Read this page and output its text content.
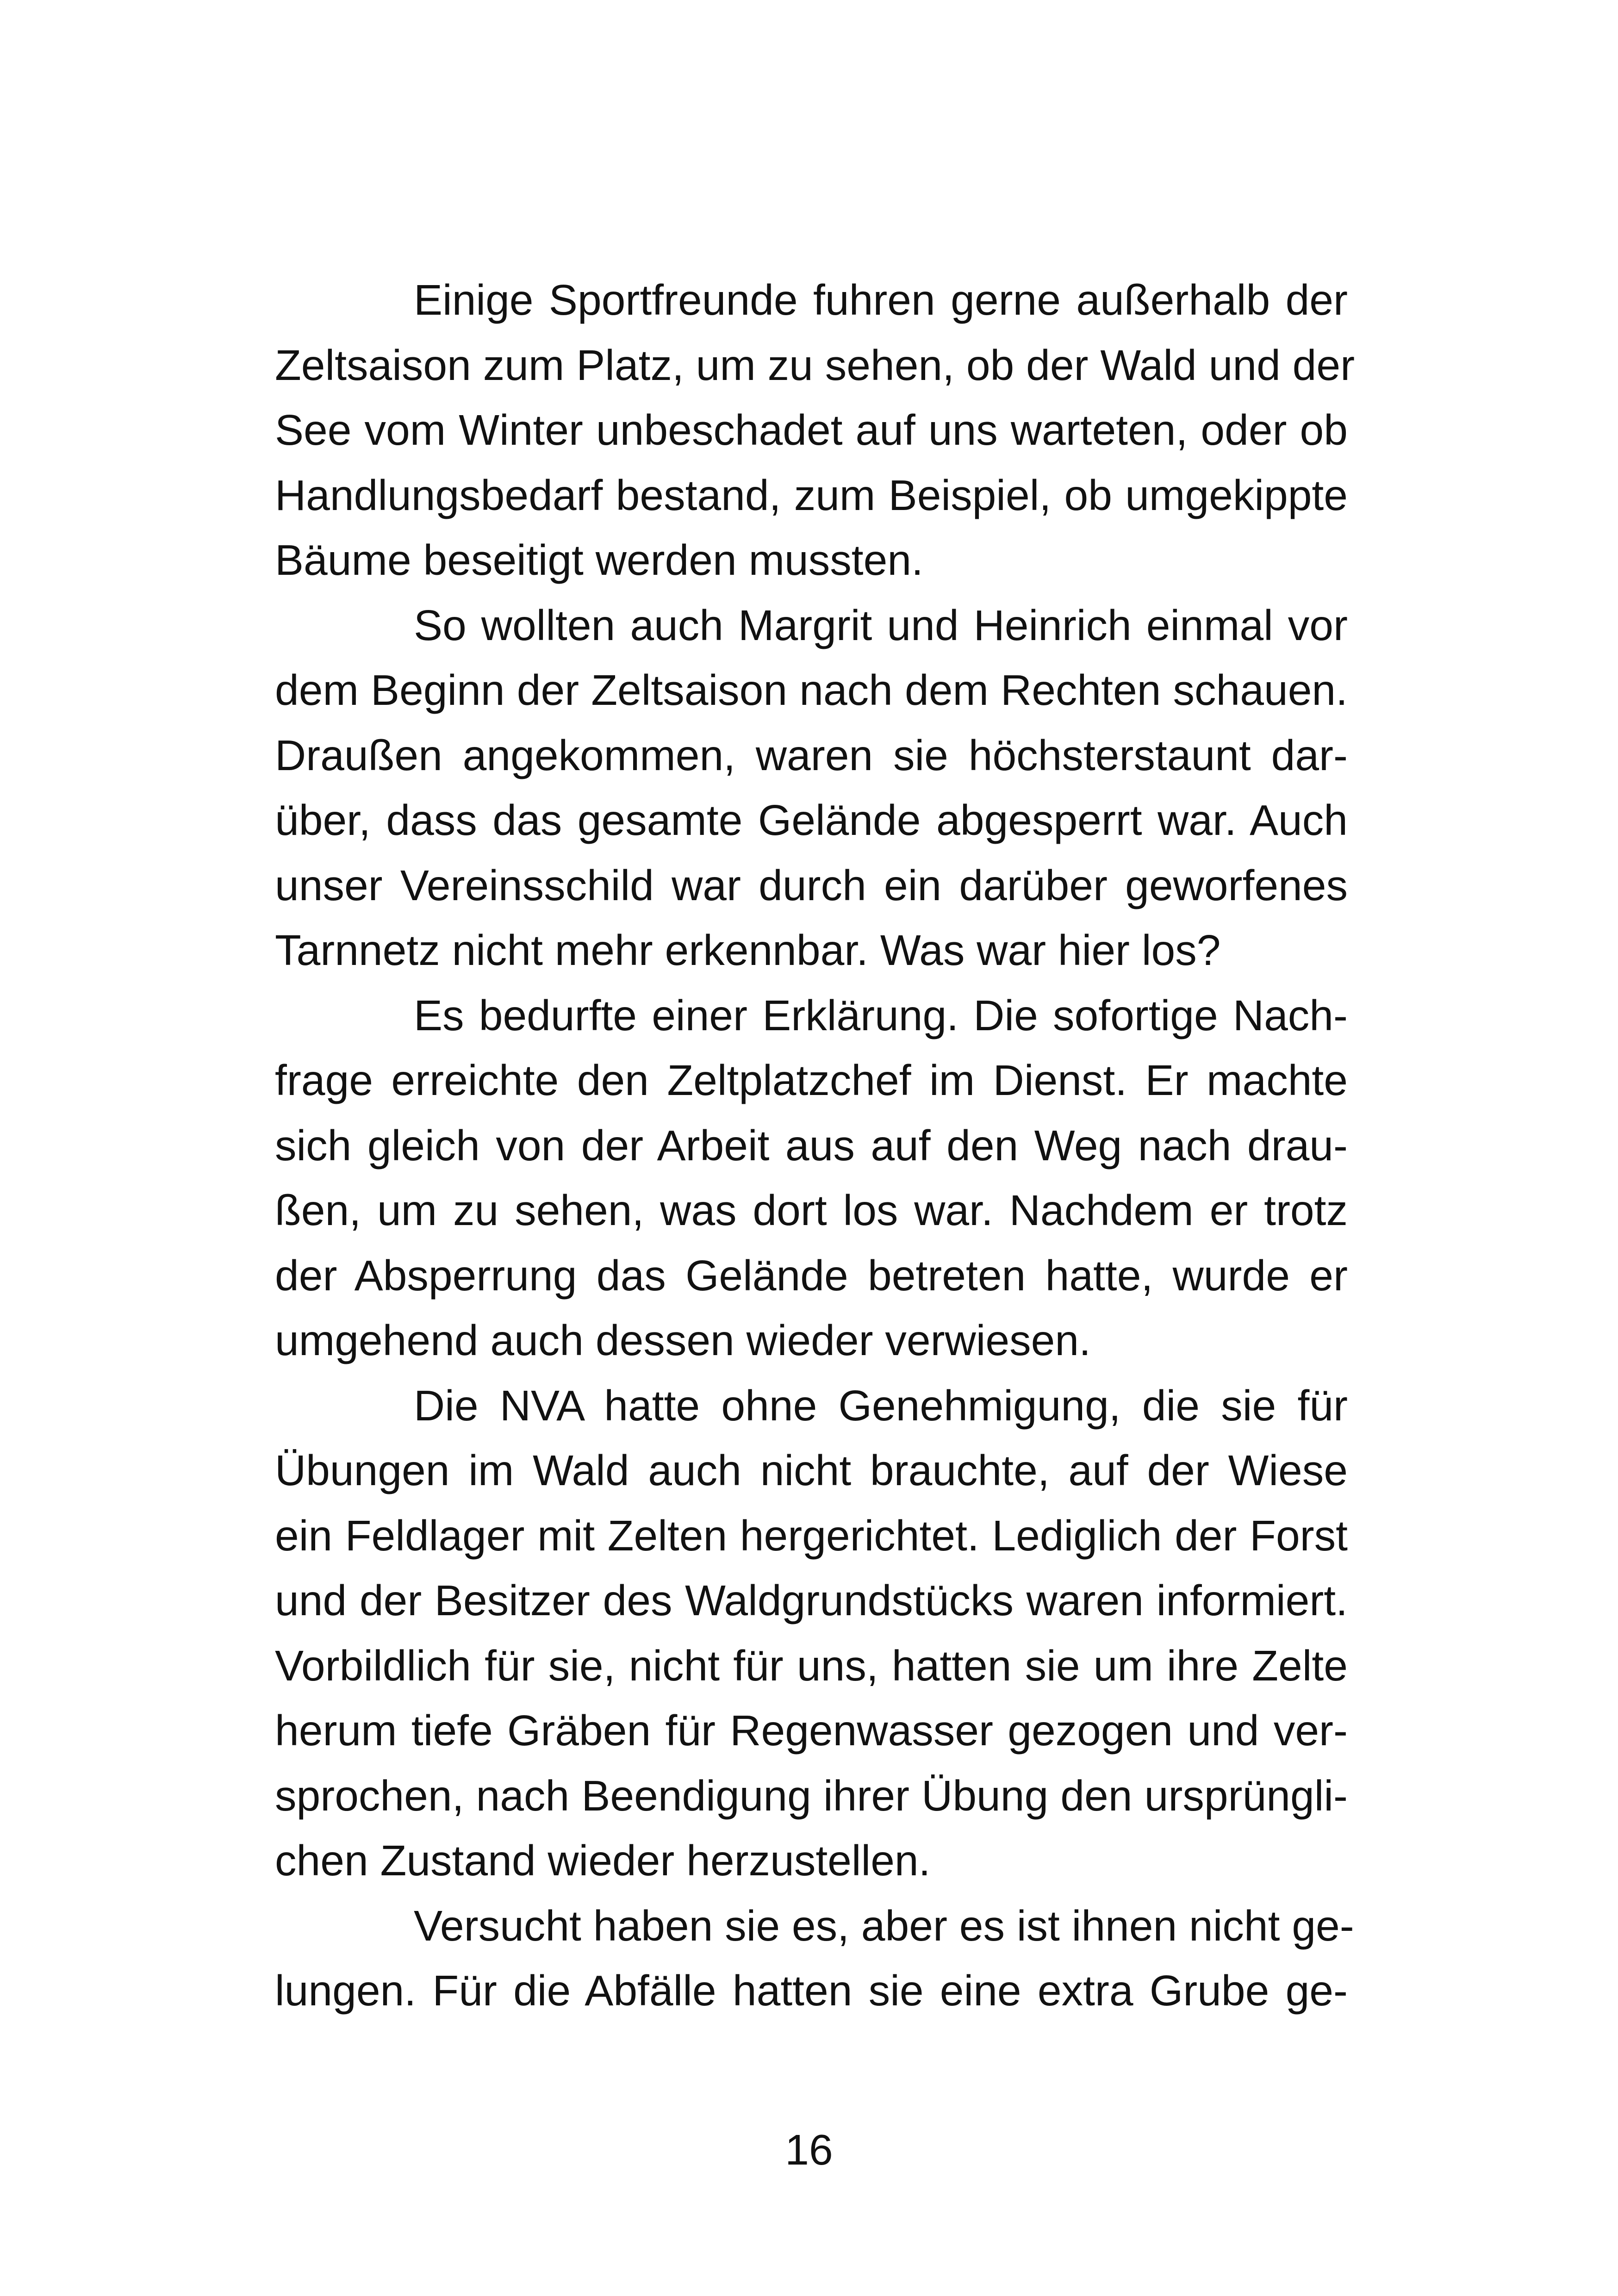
Einige Sportfreunde fuhren gerne außerhalb der
Zeltsaison zum Platz, um zu sehen, ob der Wald und der
See vom Winter unbeschadet auf uns warteten, oder ob
Handlungsbedarf bestand, zum Beispiel, ob umgekippte
Bäume beseitigt werden mussten.
So wollten auch Margrit und Heinrich einmal vor
dem Beginn der Zeltsaison nach dem Rechten schauen.
Draußen angekommen, waren sie höchsterstaunt dar-
über, dass das gesamte Gelände abgesperrt war. Auch
unser Vereinsschild war durch ein darüber geworfenes
Tarnnetz nicht mehr erkennbar. Was war hier los?
Es bedurfte einer Erklärung. Die sofortige Nach-
frage erreichte den Zeltplatzchef im Dienst. Er machte
sich gleich von der Arbeit aus auf den Weg nach drau-
ßen, um zu sehen, was dort los war. Nachdem er trotz
der Absperrung das Gelände betreten hatte, wurde er
umgehend auch dessen wieder verwiesen.
Die NVA hatte ohne Genehmigung, die sie für
Übungen im Wald auch nicht brauchte, auf der Wiese
ein Feldlager mit Zelten hergerichtet. Lediglich der Forst
und der Besitzer des Waldgrundstücks waren informiert.
Vorbildlich für sie, nicht für uns, hatten sie um ihre Zelte
herum tiefe Gräben für Regenwasser gezogen und ver-
sprochen, nach Beendigung ihrer Übung den ursprüngli-
chen Zustand wieder herzustellen.
Versucht haben sie es, aber es ist ihnen nicht ge-
lungen. Für die Abfälle hatten sie eine extra Grube ge-
16
